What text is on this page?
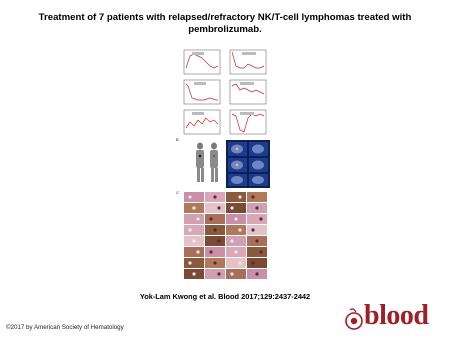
Treatment of 7 patients with relapsed/refractory NK/T-cell lymphomas treated with pembrolizumab.
B
C
Yok-Lam Kwong et al. Blood 2017;129:2437-2442
©2017 by American Society of Hematology	blood
